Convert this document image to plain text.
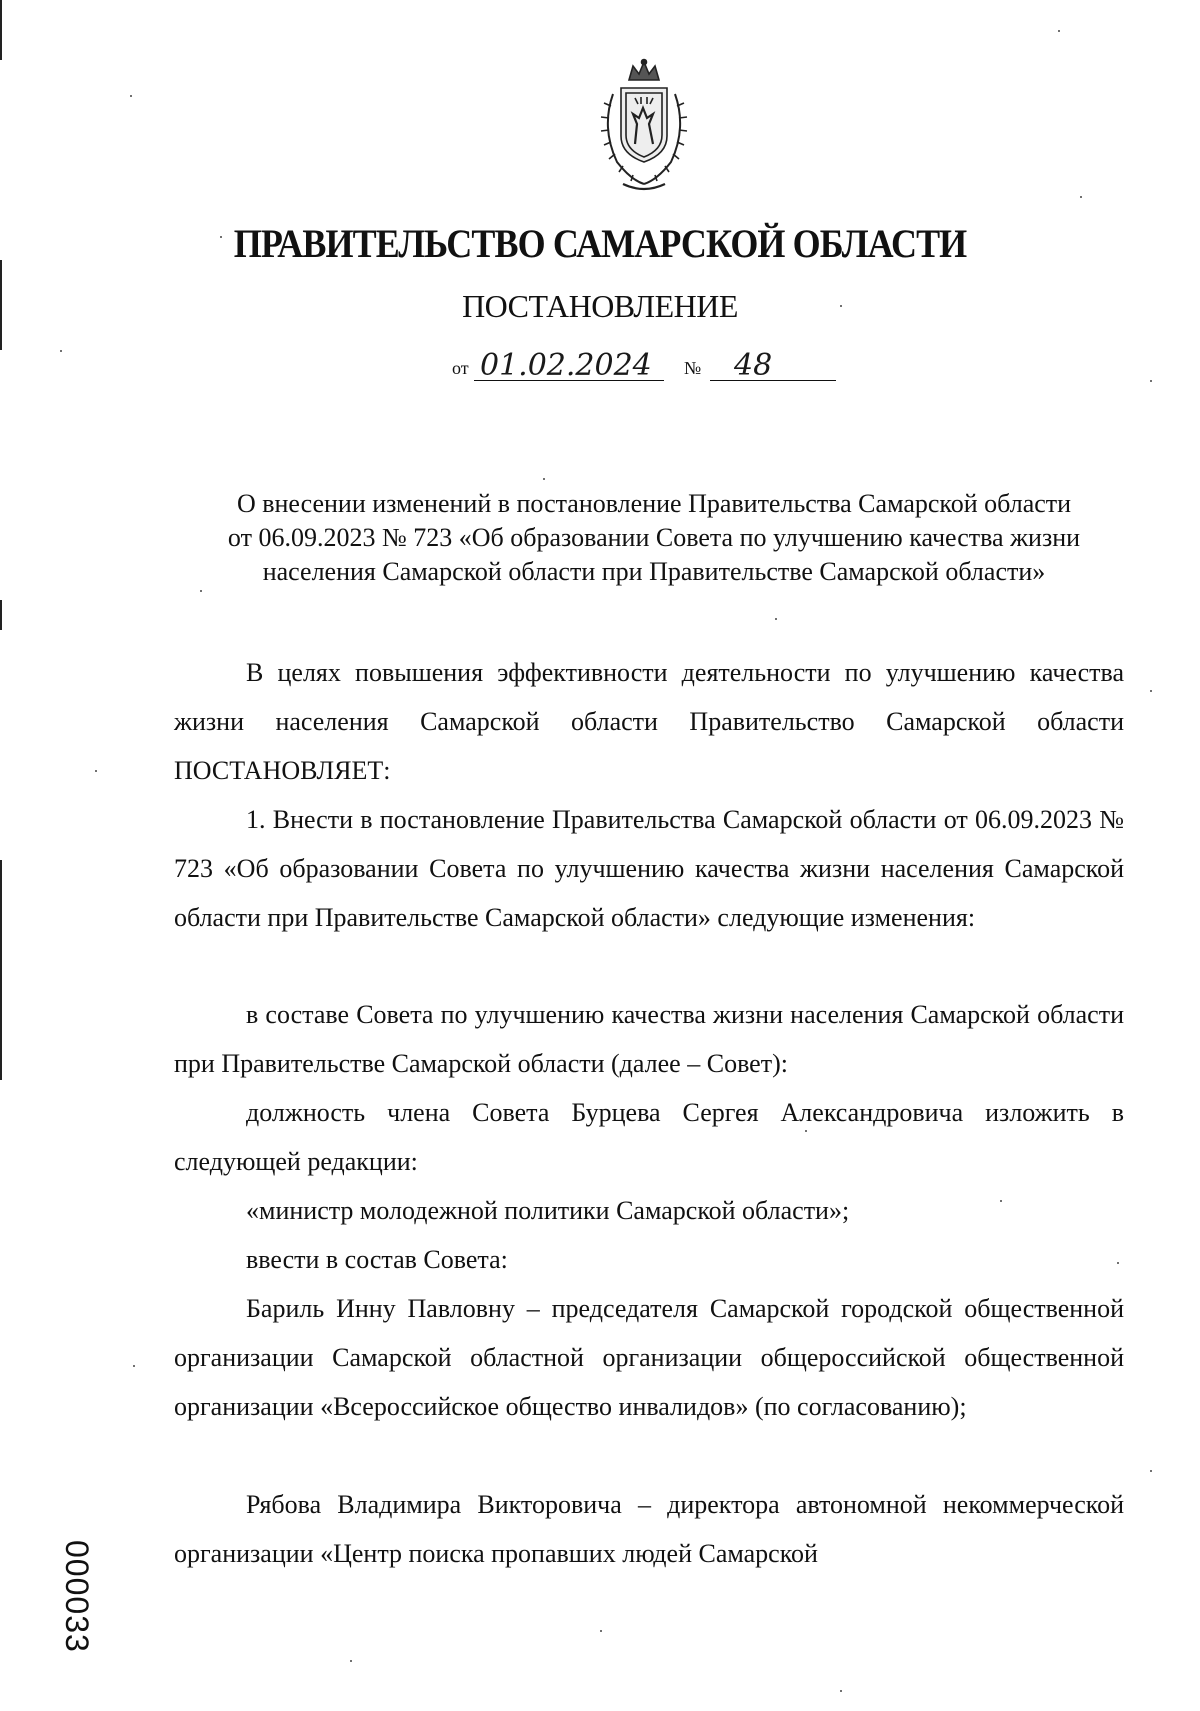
ПРАВИТЕЛЬСТВО САМАРСКОЙ ОБЛАСТИ
ПОСТАНОВЛЕНИЕ
от 01.02.2024 № 48
О внесении изменений в постановление Правительства Самарской области
от 06.09.2023 № 723 «Об образовании Совета по улучшению качества жизни
населения Самарской области при Правительстве Самарской области»
В целях повышения эффективности деятельности по улучшению качества жизни населения Самарской области Правительство Самарской области ПОСТАНОВЛЯЕТ:
1. Внести в постановление Правительства Самарской области от 06.09.2023 № 723 «Об образовании Совета по улучшению качества жизни населения Самарской области при Правительстве Самарской области» следующие изменения:
в составе Совета по улучшению качества жизни населения Самарской области при Правительстве Самарской области (далее – Совет):
должность члена Совета Бурцева Сергея Александровича изложить в следующей редакции:
«министр молодежной политики Самарской области»;
ввести в состав Совета:
Бариль Инну Павловну – председателя Самарской городской общественной организации Самарской областной организации общероссийской общественной организации «Всероссийское общество инвалидов» (по согласованию);
Рябова Владимира Викторовича – директора автономной некоммерческой организации «Центр поиска пропавших людей Самарской
000033
